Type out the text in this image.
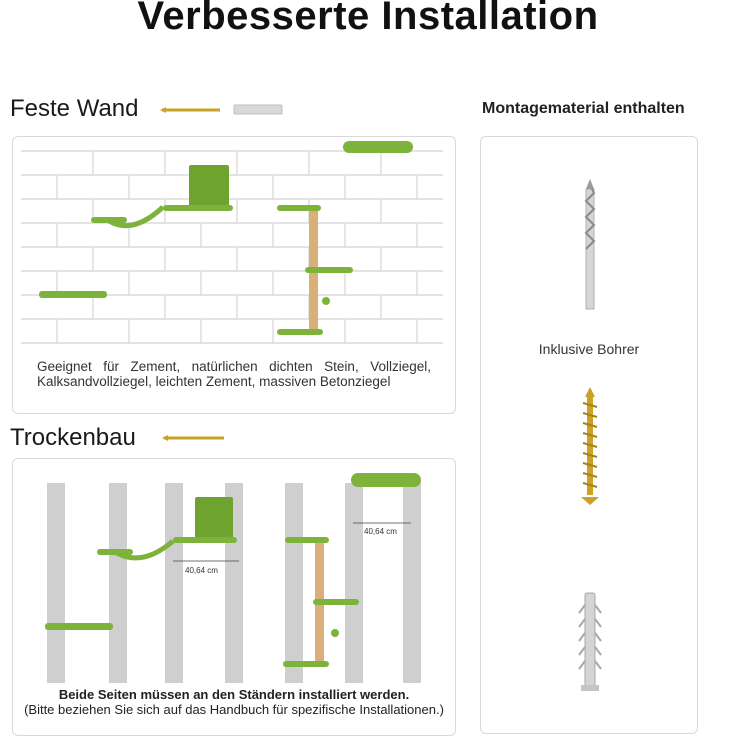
Verbesserte Installation
Feste Wand
Geeignet für Zement, natürlichen dichten Stein, Vollziegel, Kalksandvollziegel, leichten Zement, massiven Betonziegel
Trockenbau
40,64 cm
40,64 cm
Beide Seiten müssen an den Ständern installiert werden.
(Bitte beziehen Sie sich auf das Handbuch für spezifische Installationen.)
Montagematerial enthalten
Inklusive Bohrer
